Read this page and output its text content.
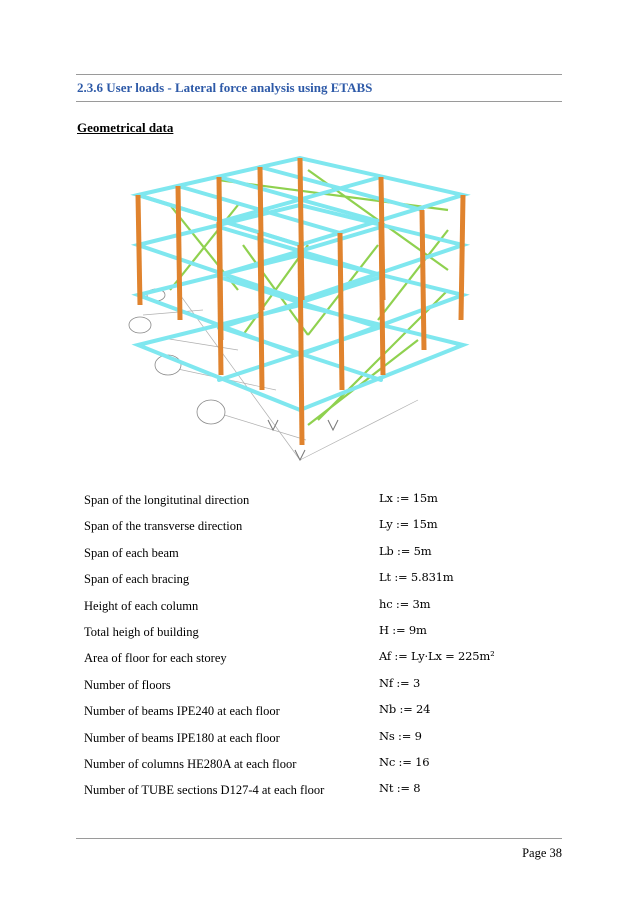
2.3.6 User loads - Lateral force analysis using ETABS
Geometrical data
Span of the longitutinal direction	Lx := 15m
Span of the transverse direction	Ly := 15m
Span of each beam	Lb := 5m
Span of each bracing	Lt := 5.831m
Height of each column	hc := 3m
Total heigh of building	H := 9m
Area of floor for each storey	Af := Ly·Lx = 225m²
Number of floors	Nf := 3
Number of beams IPE240 at each floor	Nb := 24
Number of beams IPE180 at each floor	Ns := 9
Number of columns HE280A at each floor	Nc := 16
Number of TUBE sections D127-4 at each floor	Nt := 8
Page 38
